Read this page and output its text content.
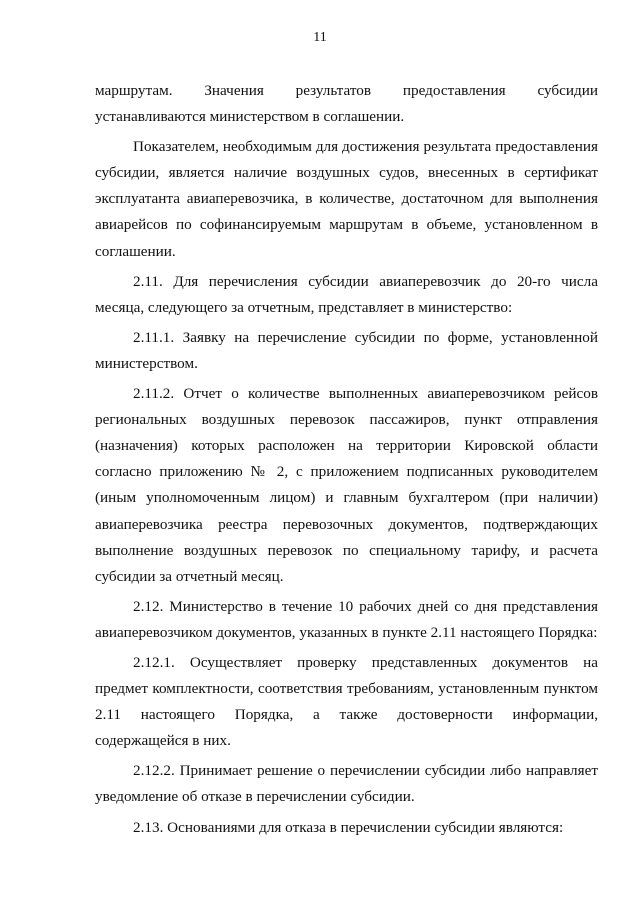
11

маршрутам. Значения результатов предоставления субсидии устанавливаются министерством в соглашении.

Показателем, необходимым для достижения результата предоставления субсидии, является наличие воздушных судов, внесенных в сертификат эксплуатанта авиаперевозчика, в количестве, достаточном для выполнения авиарейсов по софинансируемым маршрутам в объеме, установленном в соглашении.

2.11. Для перечисления субсидии авиаперевозчик до 20-го числа месяца, следующего за отчетным, представляет в министерство:

2.11.1. Заявку на перечисление субсидии по форме, установленной министерством.

2.11.2. Отчет о количестве выполненных авиаперевозчиком рейсов региональных воздушных перевозок пассажиров, пункт отправления (назначения) которых расположен на территории Кировской области согласно приложению № 2, с приложением подписанных руководителем (иным уполномоченным лицом) и главным бухгалтером (при наличии) авиаперевозчика реестра перевозочных документов, подтверждающих выполнение воздушных перевозок по специальному тарифу, и расчета субсидии за отчетный месяц.

2.12. Министерство в течение 10 рабочих дней со дня представления авиаперевозчиком документов, указанных в пункте 2.11 настоящего Порядка:

2.12.1. Осуществляет проверку представленных документов на предмет комплектности, соответствия требованиям, установленным пунктом 2.11 настоящего Порядка, а также достоверности информации, содержащейся в них.

2.12.2. Принимает решение о перечислении субсидии либо направляет уведомление об отказе в перечислении субсидии.

2.13. Основаниями для отказа в перечислении субсидии являются:
